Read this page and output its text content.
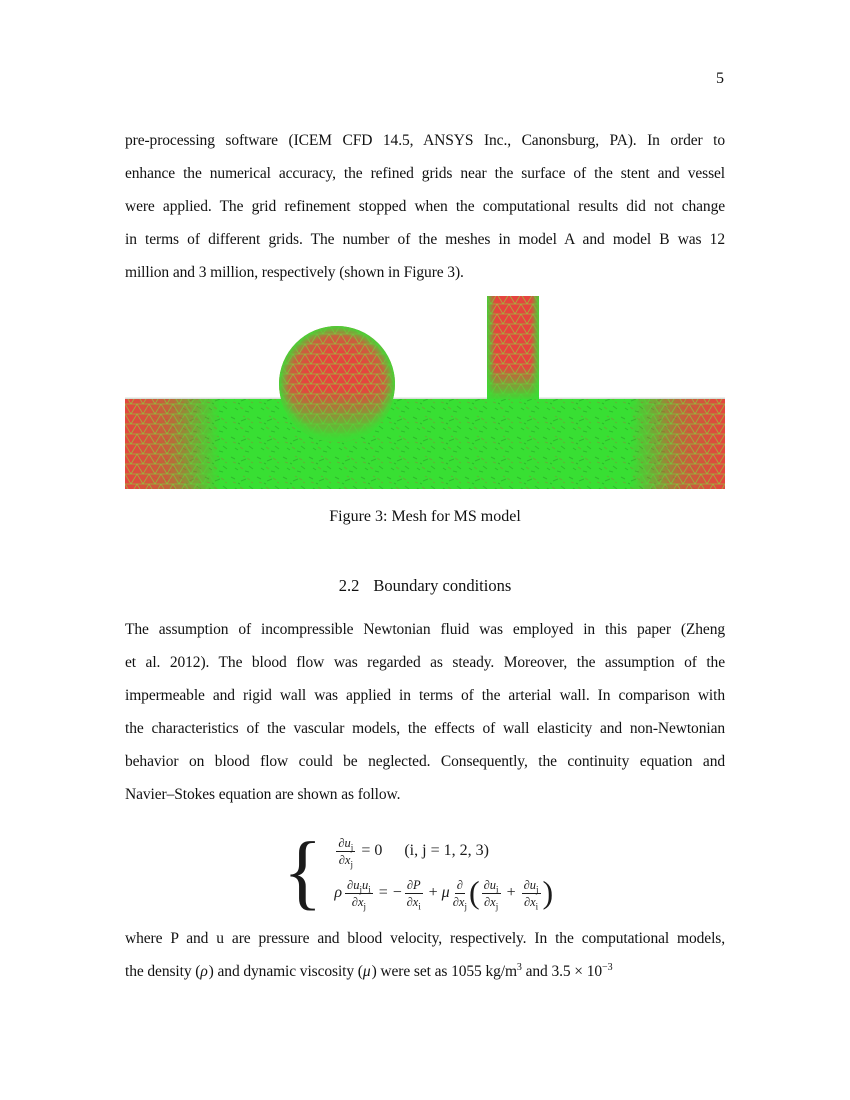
5
pre-processing software (ICEM CFD 14.5, ANSYS Inc., Canonsburg, PA). In order to
enhance the numerical accuracy, the refined grids near the surface of the stent and vessel
were applied. The grid refinement stopped when the computational results did not change
in terms of different grids. The number of the meshes in model A and model B was 12
million and 3 million, respectively (shown in Figure 3).
Figure 3: Mesh for MS model
2.2 Boundary conditions
The assumption of incompressible Newtonian fluid was employed in this paper (Zheng
et al. 2012). The blood flow was regarded as steady. Moreover, the assumption of the
impermeable and rigid wall was applied in terms of the arterial wall. In comparison with
the characteristics of the vascular models, the effects of wall elasticity and non-Newtonian
behavior on blood flow could be neglected. Consequently, the continuity equation and
Navier–Stokes equation are shown as follow.
{ $\frac{\partial u_j}{\partial x_j} = 0$ (i, j = 1, 2, 3)
ρ $\frac{\partial u_ju_i}{\partial x_j}$ = − $\frac{\partial P}{\partial x_i} + \mu \frac{\partial}{\partial x_j}$ ( $\frac{\partial u_i}{\partial x_j} + \frac{\partial u_j}{\partial x_i}$ )
where P and u are pressure and blood velocity, respectively. In the computational models,
the density (ρ) and dynamic viscosity (μ) were set as 1055 $kg/m^3$ and $3.5 \times 10^{-3}$
